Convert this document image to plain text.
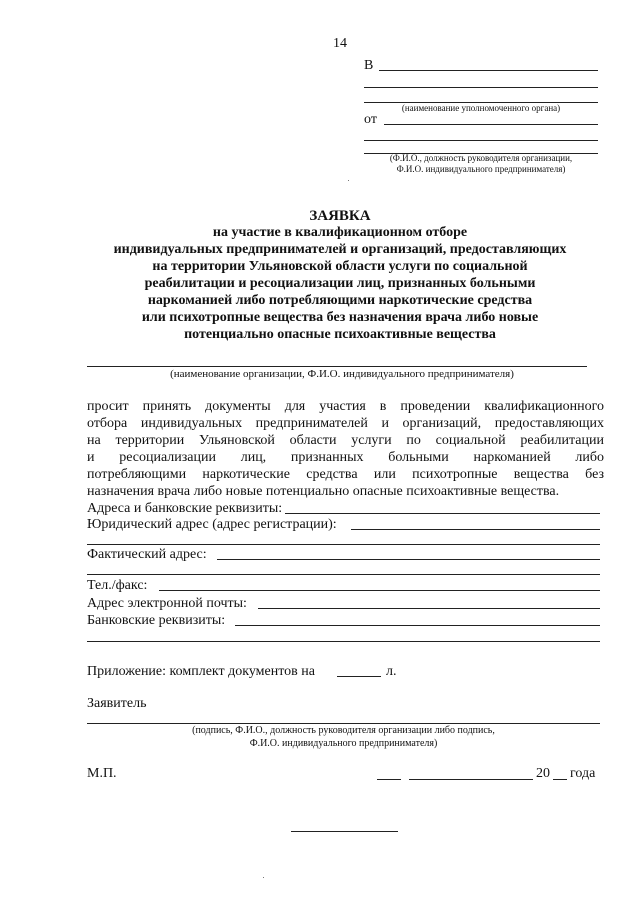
14
В
(наименование уполномоченного органа)
от
(Ф.И.О., должность руководителя организации,
Ф.И.О. индивидуального предпринимателя)
ЗАЯВКА
на участие в квалификационном отборе
индивидуальных предпринимателей и организаций, предоставляющих
на территории Ульяновской области услуги по социальной
реабилитации и ресоциализации лиц, признанных больными
наркоманией либо потребляющими наркотические средства
или психотропные вещества без назначения врача либо новые
потенциально опасные психоактивные вещества
(наименование организации, Ф.И.О. индивидуального предпринимателя)
просит принять документы для участия в проведении квалификационного
отбора индивидуальных предпринимателей и организаций, предоставляющих
на территории Ульяновской области услуги по социальной реабилитации
и ресоциализации лиц, признанных больными наркоманией либо
потребляющими наркотические средства или психотропные вещества без
назначения врача либо новые потенциально опасные психоактивные вещества.
Адреса и банковские реквизиты:
Юридический адрес (адрес регистрации):
Фактический адрес:
Тел./факс:
Адрес электронной почты:
Банковские реквизиты:
Приложение: комплект документов на	л.
Заявитель
(подпись, Ф.И.О., должность руководителя организации либо подпись,
Ф.И.О. индивидуального предпринимателя)
М.П.	20 года
